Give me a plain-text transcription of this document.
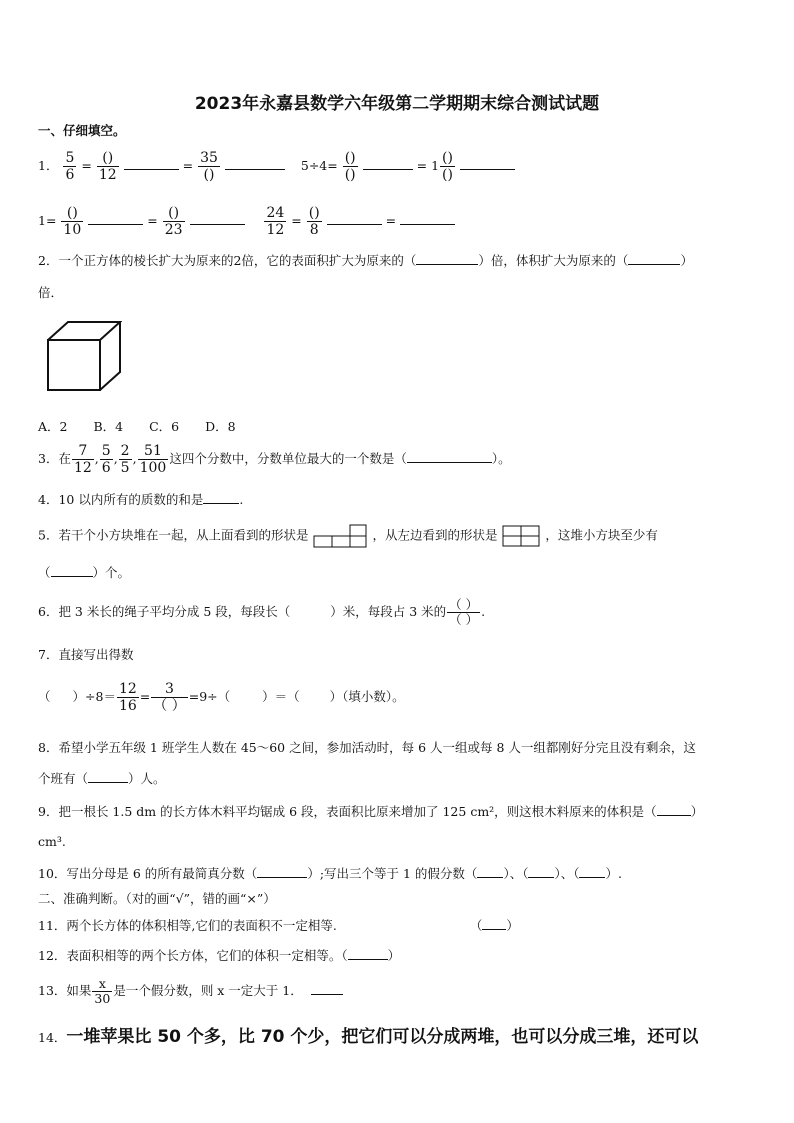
2023年永嘉县数学六年级第二学期期末综合测试试题
一、仔细填空。
1． $\frac{5}{6} = \frac{()}{12}$	= $\frac{35}{()}$	$5\div 4= \frac{()}{()}$	= $1 \frac{()}{()}$

$1= \frac{()}{10}$	= $\frac{()}{23}$
	$\frac{24}{12} = \frac{()}{8}$	=
2．一个正方体的棱长扩大为原来的2倍，它的表面积扩大为原来的（	）倍，体积扩大为原来的（	）
倍．
A．2 B．4 C．6 D．8
3．在 $\frac{7}{12}$ , $\frac{5}{6}$ , $\frac{2}{5}$ , $\frac{51}{100}$ 这四个分数中，分数单位最大的一个数是（	）。
4．10 以内所有的质数的和是	.
5．若干个小方块堆在一起，从上面看到的形状是	，从左边看到的形状是	，这堆小方块至少有
（	）个。
6．把 3 米长的绳子平均分成 5 段，每段长（	）米，每段占 3 米的 $\frac{( )}{( )}$ .
7．直接写出得数
（ ）$\div 8= \frac{12}{16} = \frac{3}{( )} =9\div$（	）＝（ ）（填小数）。
8．希望小学五年级 1 班学生人数在 45～60 之间，参加活动时，每 6 人一组或每 8 人一组都刚好分完且没有剩余，这
个班有（	）人。
9．把一根长 1.5 dm 的长方体木料平均锯成 6 段，表面积比原来增加了 125 cm²，则这根木料原来的体积是（	）
cm³.
10．写出分母是 6 的所有最简真分数（	）;写出三个等于 1 的假分数（ ）、（ ）、（ ）.
二、准确判断。（对的画“√”，错的画“×”）
11．两个长方体的体积相等,它们的表面积不一定相等.	（ ）
12．表面积相等的两个长方体，它们的体积一定相等。（	）
13．如果 $\frac{x}{30}$ 是一个假分数，则 x 一定大于 1．
14．一堆苹果比 50 个多，比 70 个少，把它们可以分成两堆，也可以分成三堆，还可以
